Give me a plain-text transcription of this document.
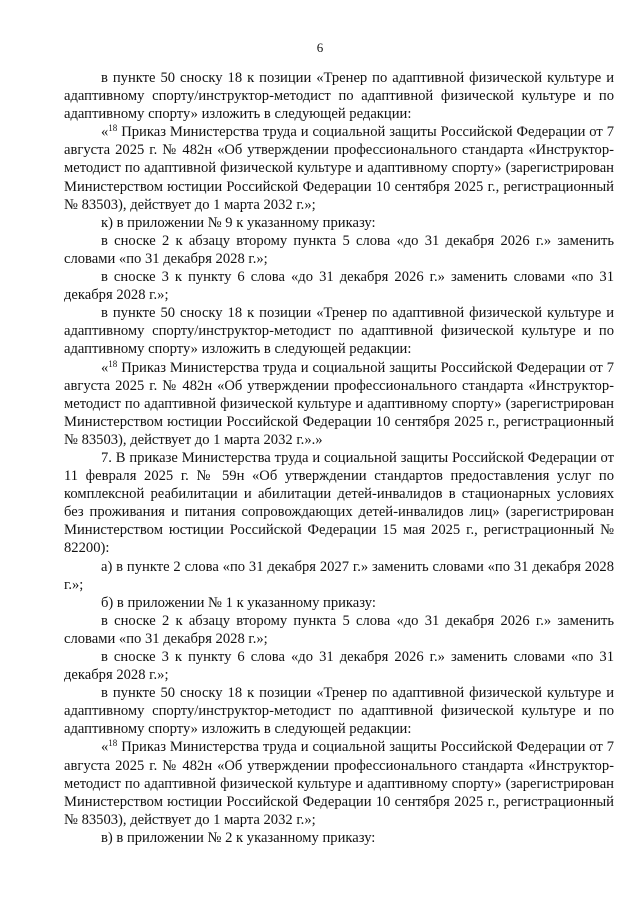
6

в пункте 50 сноску 18 к позиции «Тренер по адаптивной физической культуре и адаптивному спорту/инструктор-методист по адаптивной физической культуре и по адаптивному спорту» изложить в следующей редакции:

«$^{18}$ Приказ Министерства труда и социальной защиты Российской Федерации от 7 августа 2025 г. № 482н «Об утверждении профессионального стандарта «Инструктор-методист по адаптивной физической культуре и адаптивному спорту» (зарегистрирован Министерством юстиции Российской Федерации 10 сентября 2025 г., регистрационный № 83503), действует до 1 марта 2032 г.»;

к) в приложении № 9 к указанному приказу:

в сноске 2 к абзацу второму пункта 5 слова «до 31 декабря 2026 г.» заменить словами «по 31 декабря 2028 г.»;

в сноске 3 к пункту 6 слова «до 31 декабря 2026 г.» заменить словами «по 31 декабря 2028 г.»;

в пункте 50 сноску 18 к позиции «Тренер по адаптивной физической культуре и адаптивному спорту/инструктор-методист по адаптивной физической культуре и по адаптивному спорту» изложить в следующей редакции:

«$^{18}$ Приказ Министерства труда и социальной защиты Российской Федерации от 7 августа 2025 г. № 482н «Об утверждении профессионального стандарта «Инструктор-методист по адаптивной физической культуре и адаптивному спорту» (зарегистрирован Министерством юстиции Российской Федерации 10 сентября 2025 г., регистрационный № 83503), действует до 1 марта 2032 г.».»

7. В приказе Министерства труда и социальной защиты Российской Федерации от 11 февраля 2025 г. № 59н «Об утверждении стандартов предоставления услуг по комплексной реабилитации и абилитации детей-инвалидов в стационарных условиях без проживания и питания сопровождающих детей-инвалидов лиц» (зарегистрирован Министерством юстиции Российской Федерации 15 мая 2025 г., регистрационный № 82200):

а) в пункте 2 слова «по 31 декабря 2027 г.» заменить словами «по 31 декабря 2028 г.»;

б) в приложении № 1 к указанному приказу:

в сноске 2 к абзацу второму пункта 5 слова «до 31 декабря 2026 г.» заменить словами «по 31 декабря 2028 г.»;

в сноске 3 к пункту 6 слова «до 31 декабря 2026 г.» заменить словами «по 31 декабря 2028 г.»;

в пункте 50 сноску 18 к позиции «Тренер по адаптивной физической культуре и адаптивному спорту/инструктор-методист по адаптивной физической культуре и по адаптивному спорту» изложить в следующей редакции:

«$^{18}$ Приказ Министерства труда и социальной защиты Российской Федерации от 7 августа 2025 г. № 482н «Об утверждении профессионального стандарта «Инструктор-методист по адаптивной физической культуре и адаптивному спорту» (зарегистрирован Министерством юстиции Российской Федерации 10 сентября 2025 г., регистрационный № 83503), действует до 1 марта 2032 г.»;

в) в приложении № 2 к указанному приказу:
